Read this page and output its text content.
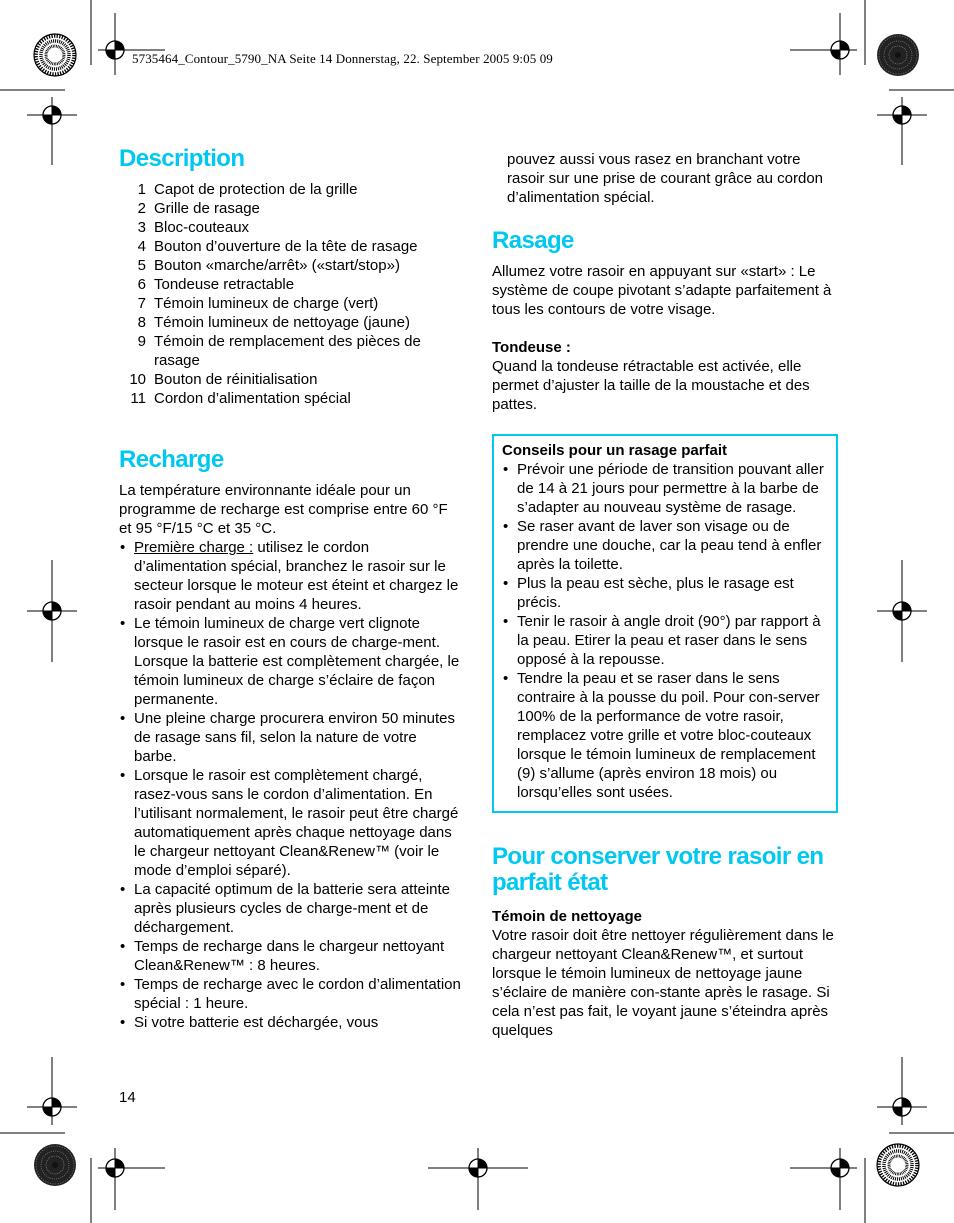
5735464_Contour_5790_NA Seite 14 Donnerstag, 22. September 2005 9:05 09
Description
1 Capot de protection de la grille
2 Grille de rasage
3 Bloc-couteaux
4 Bouton d’ouverture de la tête de rasage
5 Bouton «marche/arrêt» («start/stop»)
6 Tondeuse retractable
7 Témoin lumineux de charge (vert)
8 Témoin lumineux de nettoyage (jaune)
9 Témoin de remplacement des pièces de rasage
10 Bouton de réinitialisation
11 Cordon d’alimentation spécial
Recharge

La température environnante idéale pour un programme de recharge est comprise entre 60 °F et 95 °F/15 °C et 35 °C.

• Première charge : utilisez le cordon d’alimentation spécial, branchez le rasoir sur le secteur lorsque le moteur est éteint et chargez le rasoir pendant au moins 4 heures.
• Le témoin lumineux de charge vert clignote lorsque le rasoir est en cours de charge-ment. Lorsque la batterie est complètement chargée, le témoin lumineux de charge s’éclaire de façon permanente.
• Une pleine charge procurera environ 50 minutes de rasage sans fil, selon la nature de votre barbe.
• Lorsque le rasoir est complètement chargé, rasez-vous sans le cordon d’alimentation. En l’utilisant normalement, le rasoir peut être chargé automatiquement après chaque nettoyage dans le chargeur nettoyant Clean&Renew™ (voir le mode d’emploi séparé).
• La capacité optimum de la batterie sera atteinte après plusieurs cycles de charge-ment et de déchargement.
• Temps de recharge dans le chargeur nettoyant Clean&Renew™ : 8 heures.
• Temps de recharge avec le cordon d’alimentation spécial : 1 heure.
• Si votre batterie est déchargée, vous

pouvez aussi vous rasez en branchant votre rasoir sur une prise de courant grâce au cordon d’alimentation spécial.

Rasage

Allumez votre rasoir en appuyant sur «start» : Le système de coupe pivotant s’adapte parfaitement à tous les contours de votre visage.

Tondeuse :

Quand la tondeuse rétractable est activée, elle permet d’ajuster la taille de la moustache et des pattes.

Conseils pour un rasage parfait

• Prévoir une période de transition pouvant aller de 14 à 21 jours pour permettre à la barbe de s’adapter au nouveau système de rasage.
• Se raser avant de laver son visage ou de prendre une douche, car la peau tend à enfler après la toilette.
• Plus la peau est sèche, plus le rasage est précis.
• Tenir le rasoir à angle droit (90°) par rapport à la peau. Etirer la peau et raser dans le sens opposé à la repousse.
• Tendre la peau et se raser dans le sens contraire à la pousse du poil. Pour con-server 100% de la performance de votre rasoir, remplacez votre grille et votre bloc-couteaux lorsque le témoin lumineux de remplacement (9) s’allume (après environ 18 mois) ou lorsqu’elles sont usées.
Pour conserver votre rasoir en parfait état

Témoin de nettoyage

Votre rasoir doit être nettoyer régulièrement dans le chargeur nettoyant Clean&Renew™, et surtout lorsque le témoin lumineux de nettoyage jaune s’éclaire de manière con-stante après le rasage. Si cela n’est pas fait, le voyant jaune s’éteindra après quelques

14
